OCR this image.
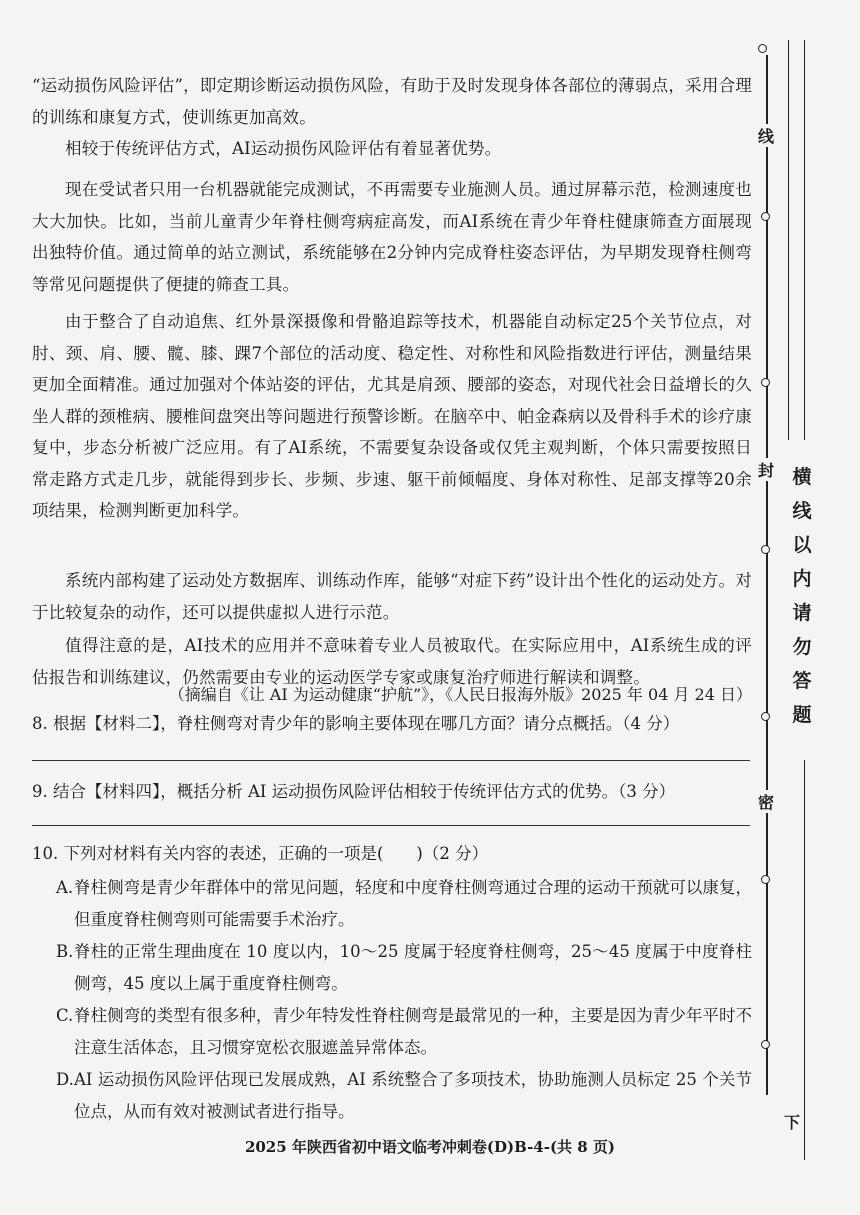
“运动损伤风险评估”，即定期诊断运动损伤风险，有助于及时发现身体各部位的薄弱点，采用合理的训练和康复方式，使训练更加高效。
相较于传统评估方式，AI运动损伤风险评估有着显著优势。
现在受试者只用一台机器就能完成测试，不再需要专业施测人员。通过屏幕示范，检测速度也大大加快。比如，当前儿童青少年脊柱侧弯病症高发，而AI系统在青少年脊柱健康筛查方面展现出独特价值。通过简单的站立测试，系统能够在2分钟内完成脊柱姿态评估，为早期发现脊柱侧弯等常见问题提供了便捷的筛查工具。
由于整合了自动追焦、红外景深摄像和骨骼追踪等技术，机器能自动标定25个关节位点，对肘、颈、肩、腰、髋、膝、踝7个部位的活动度、稳定性、对称性和风险指数进行评估，测量结果更加全面精准。通过加强对个体站姿的评估，尤其是肩颈、腰部的姿态，对现代社会日益增长的久坐人群的颈椎病、腰椎间盘突出等问题进行预警诊断。在脑卒中、帕金森病以及骨科手术的诊疗康复中，步态分析被广泛应用。有了AI系统，不需要复杂设备或仅凭主观判断，个体只需要按照日常走路方式走几步，就能得到步长、步频、步速、躯干前倾幅度、身体对称性、足部支撑等20余项结果，检测判断更加科学。
系统内部构建了运动处方数据库、训练动作库，能够“对症下药”设计出个性化的运动处方。对于比较复杂的动作，还可以提供虚拟人进行示范。
值得注意的是，AI技术的应用并不意味着专业人员被取代。在实际应用中，AI系统生成的评估报告和训练建议，仍然需要由专业的运动医学专家或康复治疗师进行解读和调整。
（摘编自《让 AI 为运动健康“护航”》，《人民日报海外版》2025 年 04 月 24 日）
8. 根据【材料二】，脊柱侧弯对青少年的影响主要体现在哪几方面？请分点概括。（4 分）
9. 结合【材料四】，概括分析 AI 运动损伤风险评估相较于传统评估方式的优势。（3 分）
10. 下列对材料有关内容的表述，正确的一项是(　　)（2 分）
A. 脊柱侧弯是青少年群体中的常见问题，轻度和中度脊柱侧弯通过合理的运动干预就可以康复，但重度脊柱侧弯则可能需要手术治疗。
B. 脊柱的正常生理曲度在 10 度以内，10～25 度属于轻度脊柱侧弯，25～45 度属于中度脊柱侧弯，45 度以上属于重度脊柱侧弯。
C. 脊柱侧弯的类型有很多种，青少年特发性脊柱侧弯是最常见的一种，主要是因为青少年平时不注意生活体态，且习惯穿宽松衣服遮盖异常体态。
D. AI 运动损伤风险评估现已发展成熟，AI 系统整合了多项技术，协助施测人员标定 25 个关节位点，从而有效对被测试者进行指导。
2025 年陕西省初中语文临考冲刺卷(D)B-4-(共 8 页)
线
封
密
下
横线以内请勿答题
